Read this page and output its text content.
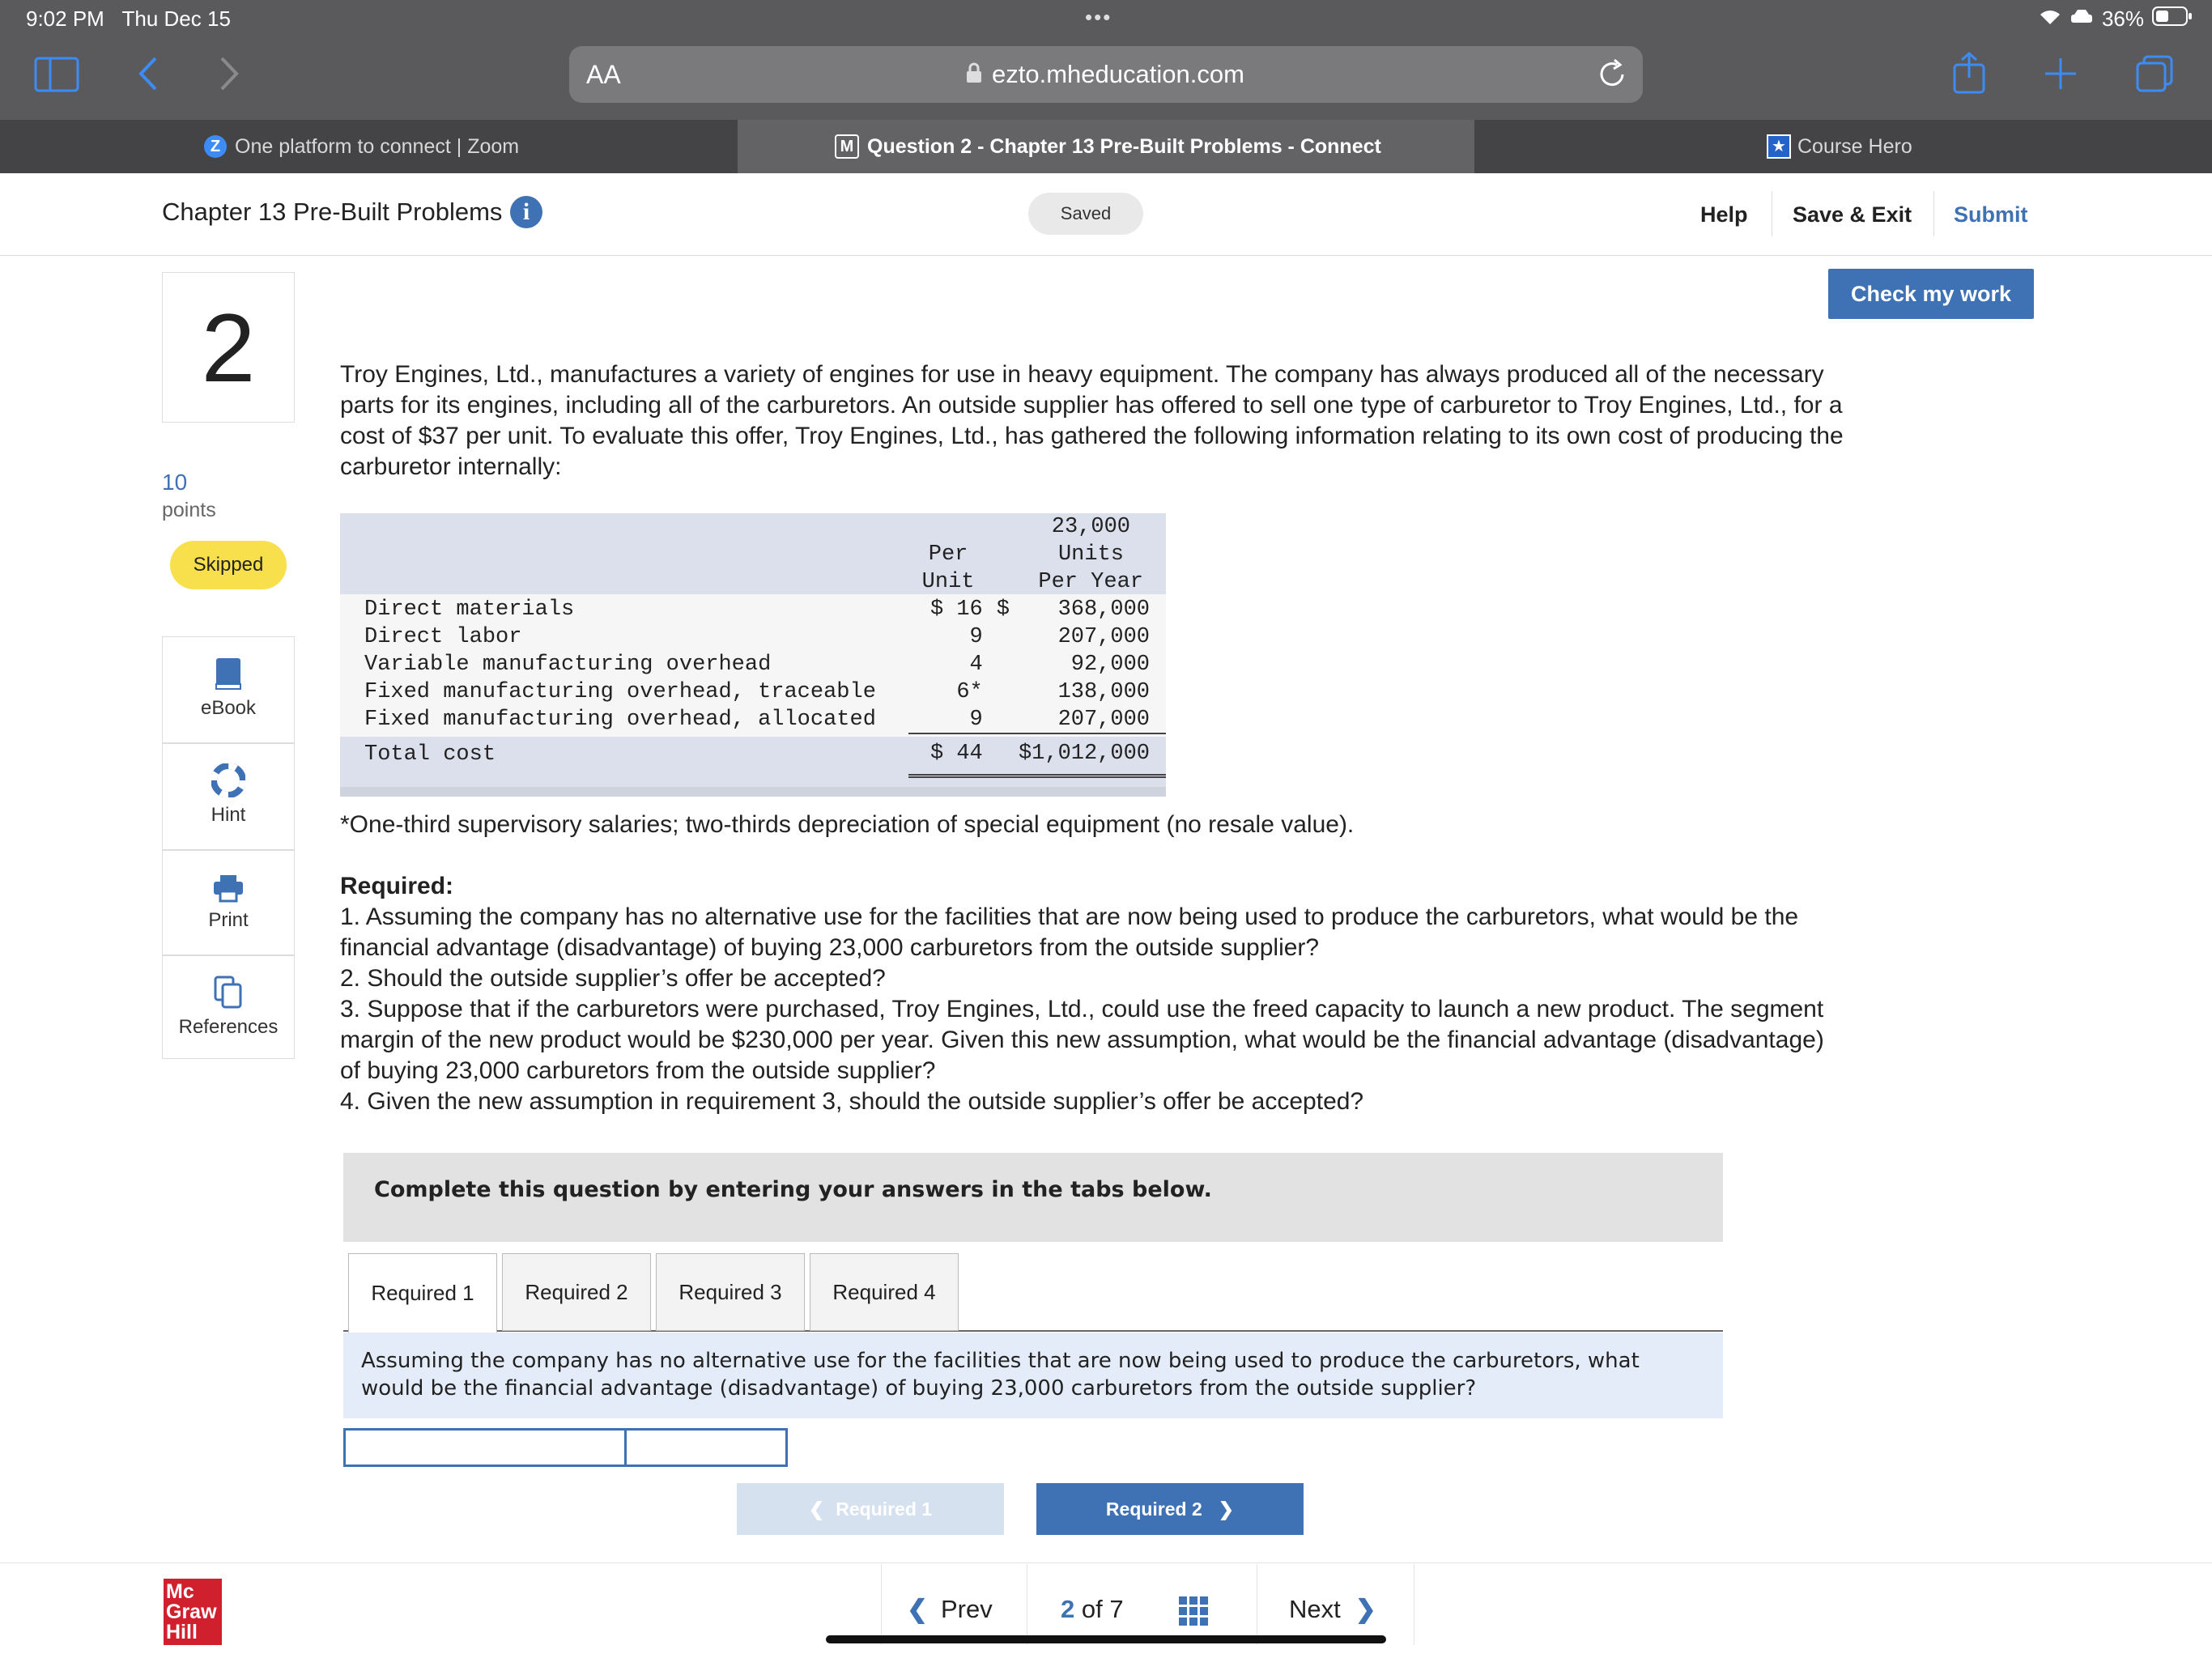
9:02 PM Thu Dec 15	•••	36%
AA	ezto.mheducation.com
Z One platform to connect | Zoom	M Question 2 - Chapter 13 Pre-Built Problems - Connect	★ Course Hero
Chapter 13 Pre-Built Problems i	Saved	Help Save & Exit Submit
Check my work
2
10
points
Skipped
eBook
Hint
Print
References
Troy Engines, Ltd., manufactures a variety of engines for use in heavy equipment. The company has always produced all of the necessary parts for its engines, including all of the carburetors. An outside supplier has offered to sell one type of carburetor to Troy Engines, Ltd., for a cost of $37 per unit. To evaluate this offer, Troy Engines, Ltd., has gathered the following information relating to its own cost of producing the carburetor internally:
			23,000
	Per		Units
	Unit		Per Year
Direct materials	$ 16	$	368,000
Direct labor	9		207,000
Variable manufacturing overhead	4		92,000
Fixed manufacturing overhead, traceable	6*		138,000
Fixed manufacturing overhead, allocated	9		207,000
Total cost	$ 44		$1,012,000
*One-third supervisory salaries; two-thirds depreciation of special equipment (no resale value).
Required:
1. Assuming the company has no alternative use for the facilities that are now being used to produce the carburetors, what would be the financial advantage (disadvantage) of buying 23,000 carburetors from the outside supplier?
2. Should the outside supplier’s offer be accepted?
3. Suppose that if the carburetors were purchased, Troy Engines, Ltd., could use the freed capacity to launch a new product. The segment margin of the new product would be $230,000 per year. Given this new assumption, what would be the financial advantage (disadvantage) of buying 23,000 carburetors from the outside supplier?
4. Given the new assumption in requirement 3, should the outside supplier’s offer be accepted?
Complete this question by entering your answers in the tabs below.
Required 1	Required 2	Required 3	Required 4
Assuming the company has no alternative use for the facilities that are now being used to produce the carburetors, what would be the financial advantage (disadvantage) of buying 23,000 carburetors from the outside supplier?
❮ Required 1	Required 2 ❯
Mc
Graw
Hill
❮ Prev	2 of 7	Next ❯
